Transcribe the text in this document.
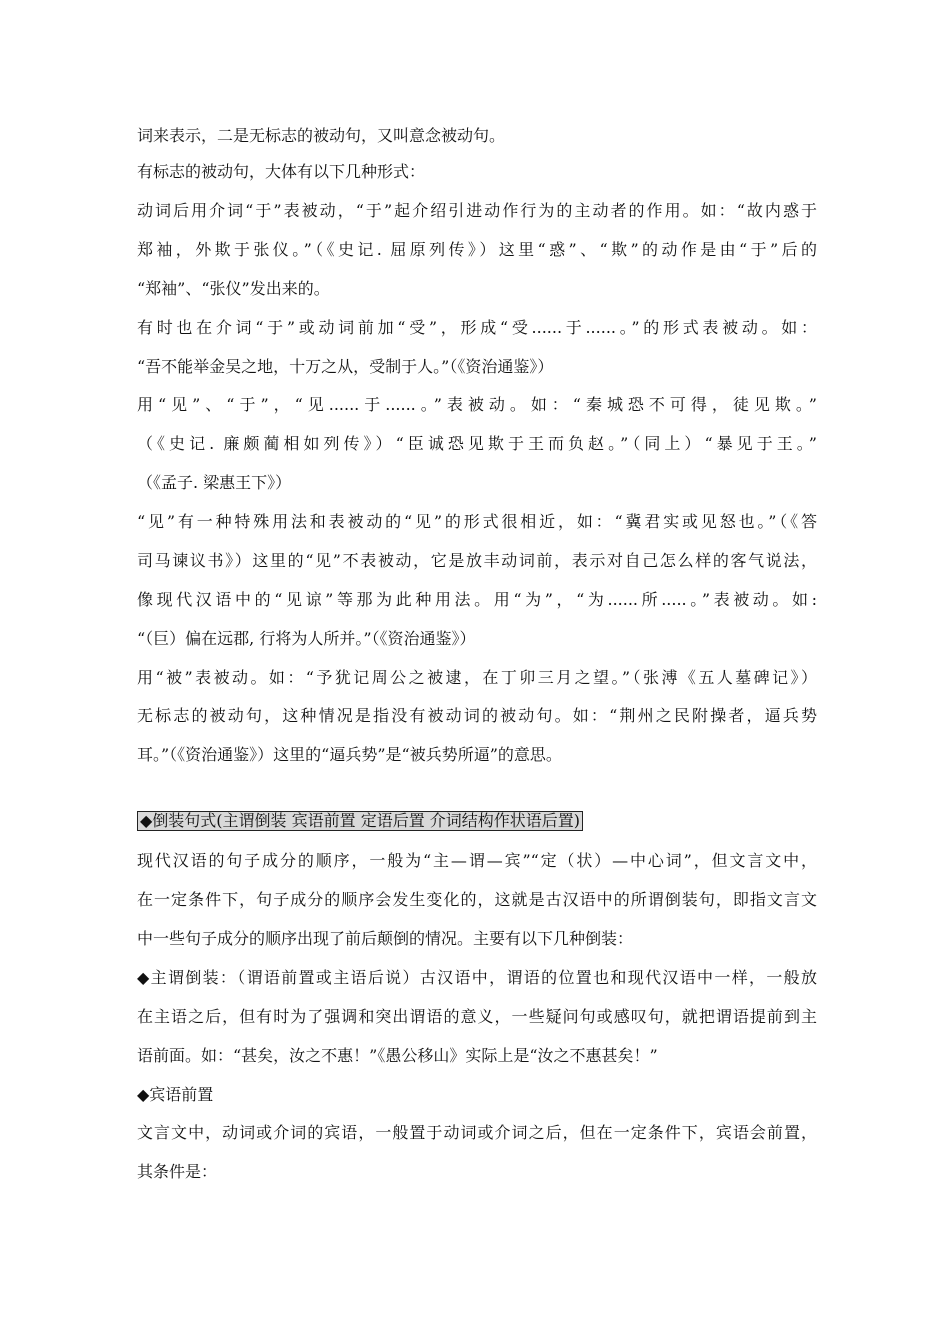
词来表示，二是无标志的被动句，又叫意念被动句。
有标志的被动句，大体有以下几种形式：
动词后用介词“于”表被动，“于”起介绍引进动作行为的主动者的作用。如：“故内惑于
郑袖，外欺于张仪。”（《史记. 屈原列传》）这里“惑”、“欺”的动作是由“于”后的
“郑袖”、“张仪”发出来的。
有时也在介词“于”或动词前加“受”，形成“受......于......。”的形式表被动。如：
“吾不能举金吴之地，十万之从，受制于人。”（《资治通鉴》）
用“见”、“于”，“见......于......。”表被动。如：“秦城恐不可得，徒见欺。”
（《史记. 廉颇蔺相如列传》）“臣诚恐见欺于王而负赵。”（同上）“暴见于王。”
（《孟子. 梁惠王下》）
“见”有一种特殊用法和表被动的“见”的形式很相近，如：“冀君实或见怒也。”（《答
司马谏议书》）这里的“见”不表被动，它是放丰动词前，表示对自己怎么样的客气说法，
像现代汉语中的“见谅”等那为此种用法。用“为”，“为......所.....。”表被动。如:
“（巨）偏在远郡, 行将为人所并。”（《资治通鉴》）
用“被”表被动。如：“予犹记周公之被逮，在丁卯三月之望。”（张溥《五人墓碑记》）
无标志的被动句，这种情况是指没有被动词的被动句。如：“荆州之民附操者，逼兵势
耳。”（《资治通鉴》）这里的“逼兵势”是“被兵势所逼”的意思。
◆倒装句式(主谓倒装 宾语前置 定语后置 介词结构作状语后置)
现代汉语的句子成分的顺序，一般为“主—谓—宾”“定（状）—中心词”，但文言文中，
在一定条件下，句子成分的顺序会发生变化的，这就是古汉语中的所谓倒装句，即指文言文
中一些句子成分的顺序出现了前后颠倒的情况。主要有以下几种倒装：
◆主谓倒装：（谓语前置或主语后说）古汉语中，谓语的位置也和现代汉语中一样，一般放
在主语之后，但有时为了强调和突出谓语的意义，一些疑问句或感叹句，就把谓语提前到主
语前面。如：“甚矣，汝之不惠！”《愚公移山》实际上是“汝之不惠甚矣！”
◆宾语前置
文言文中，动词或介词的宾语，一般置于动词或介词之后，但在一定条件下，宾语会前置，
其条件是：
